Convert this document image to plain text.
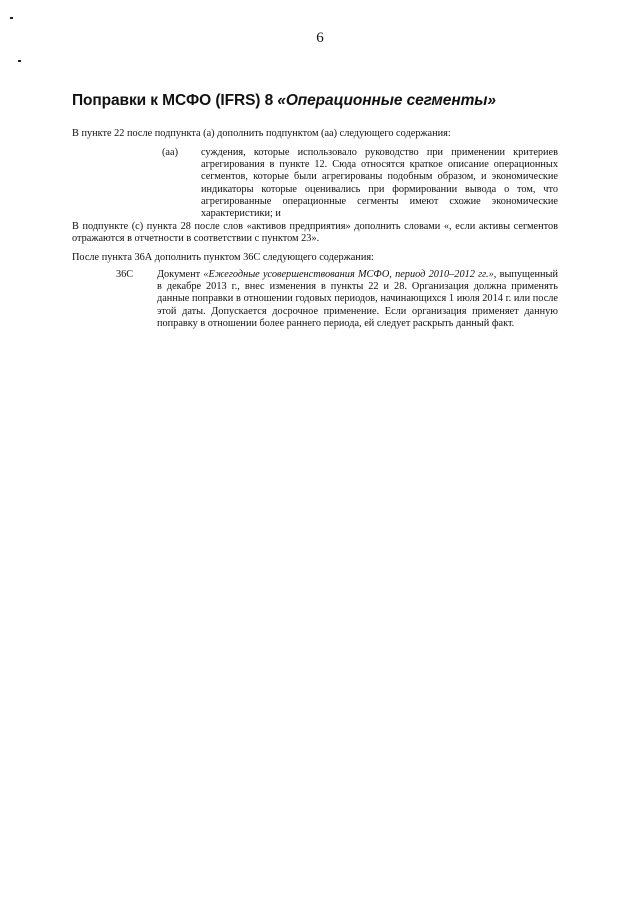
6
Поправки к МСФО (IFRS) 8 «Операционные сегменты»
В пункте 22 после подпункта (а) дополнить подпунктом (аа) следующего содержания:
(аа) суждения, которые использовало руководство при применении критериев агрегирования в пункте 12. Сюда относятся краткое описание операционных сегментов, которые были агрегированы подобным образом, и экономические индикаторы которые оценивались при формировании вывода о том, что агрегированные операционные сегменты имеют схожие экономические характеристики; и
В подпункте (с) пункта 28 после слов «активов предприятия» дополнить словами «, если активы сегментов отражаются в отчетности в соответствии с пунктом 23».
После пункта 36А дополнить пунктом 36С следующего содержания:
36С Документ «Ежегодные усовершенствования МСФО, период 2010–2012 гг.», выпущенный в декабре 2013 г., внес изменения в пункты 22 и 28. Организация должна применять данные поправки в отношении годовых периодов, начинающихся 1 июля 2014 г. или после этой даты. Допускается досрочное применение. Если организация применяет данную поправку в отношении более раннего периода, ей следует раскрыть данный факт.
